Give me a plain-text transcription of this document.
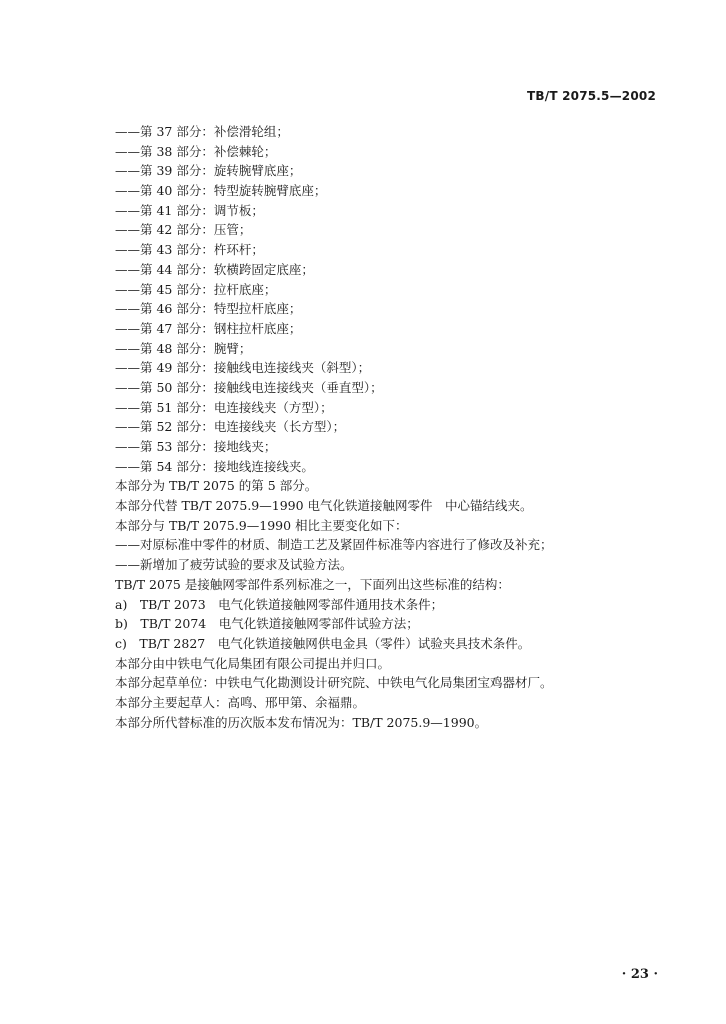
TB/T 2075.5—2002
——第 37 部分：补偿滑轮组；
——第 38 部分：补偿棘轮；
——第 39 部分：旋转腕臂底座；
——第 40 部分：特型旋转腕臂底座；
——第 41 部分：调节板；
——第 42 部分：压管；
——第 43 部分：杵环杆；
——第 44 部分：软横跨固定底座；
——第 45 部分：拉杆底座；
——第 46 部分：特型拉杆底座；
——第 47 部分：钢柱拉杆底座；
——第 48 部分：腕臂；
——第 49 部分：接触线电连接线夹（斜型）；
——第 50 部分：接触线电连接线夹（垂直型）；
——第 51 部分：电连接线夹（方型）；
——第 52 部分：电连接线夹（长方型）；
——第 53 部分：接地线夹；
——第 54 部分：接地线连接线夹。
本部分为 TB/T 2075 的第 5 部分。
本部分代替 TB/T 2075.9—1990 电气化铁道接触网零件　中心锚结线夹。
本部分与 TB/T 2075.9—1990 相比主要变化如下：
——对原标准中零件的材质、制造工艺及紧固件标准等内容进行了修改及补充；
——新增加了疲劳试验的要求及试验方法。
TB/T 2075 是接触网零部件系列标准之一，下面列出这些标准的结构：
a)　TB/T 2073　电气化铁道接触网零部件通用技术条件；
b)　TB/T 2074　电气化铁道接触网零部件试验方法；
c)　TB/T 2827　电气化铁道接触网供电金具（零件）试验夹具技术条件。
本部分由中铁电气化局集团有限公司提出并归口。
本部分起草单位：中铁电气化勘测设计研究院、中铁电气化局集团宝鸡器材厂。
本部分主要起草人：高鸣、邢甲第、余福鼎。
本部分所代替标准的历次版本发布情况为：TB/T 2075.9—1990。
· 23 ·
